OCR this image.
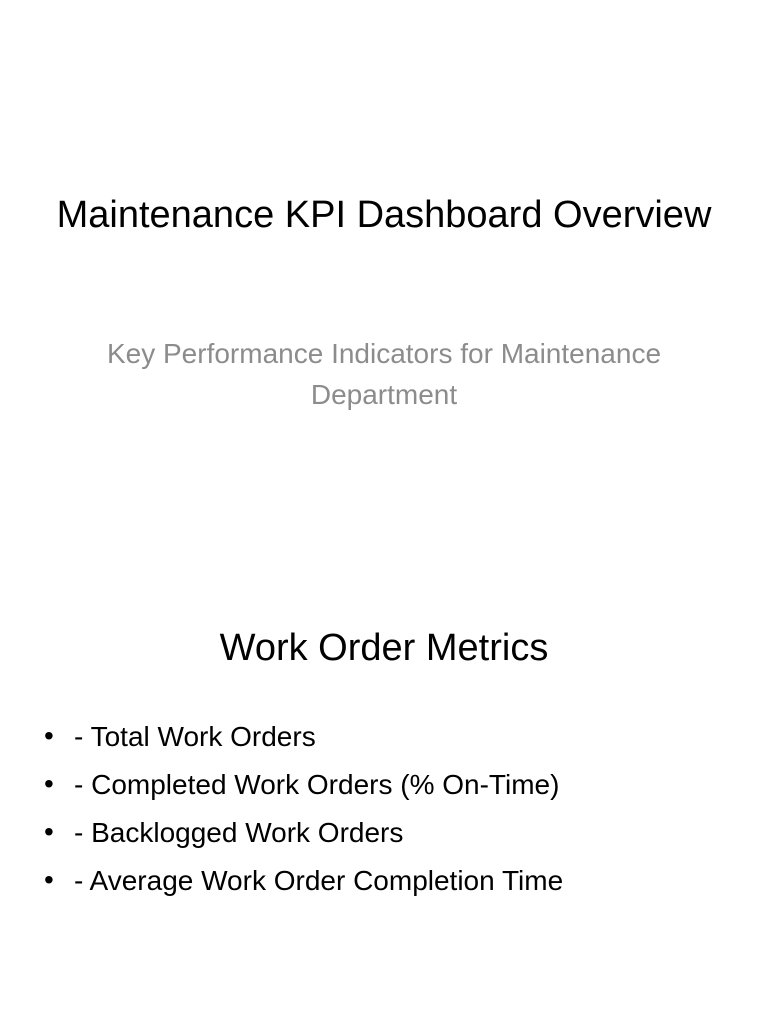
Maintenance KPI Dashboard Overview
Key Performance Indicators for Maintenance Department
Work Order Metrics
• - Total Work Orders
• - Completed Work Orders (% On-Time)
• - Backlogged Work Orders
• - Average Work Order Completion Time
